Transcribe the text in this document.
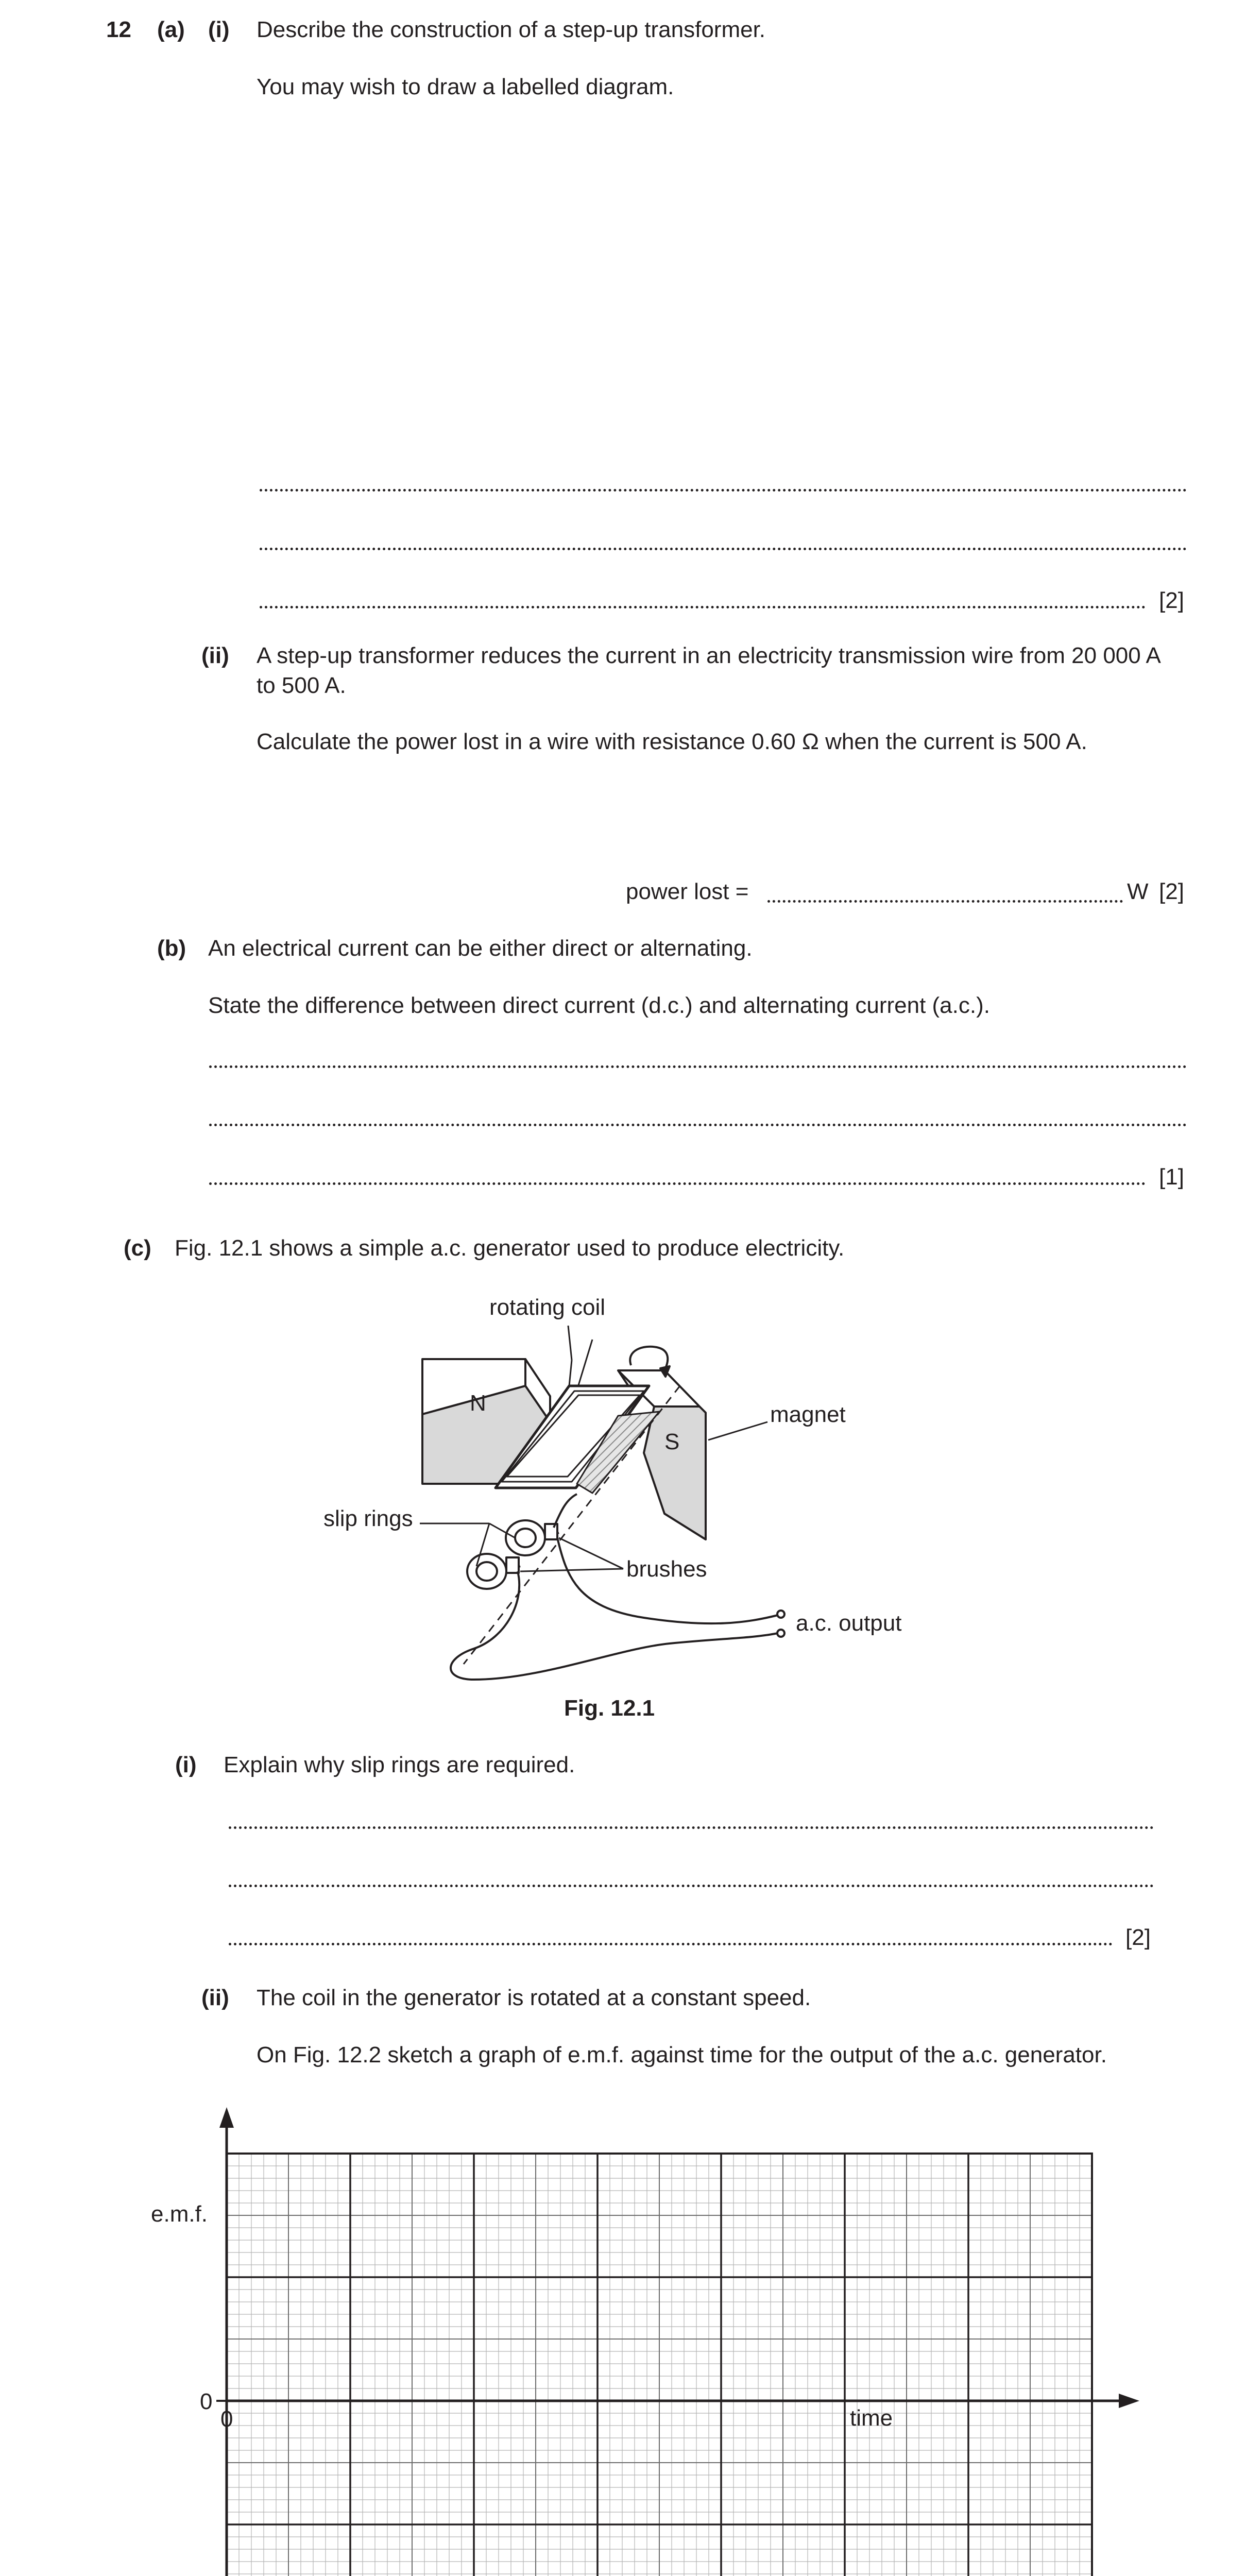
12 (a) (i) Describe the construction of a step-up transformer.
You may wish to draw a labelled diagram.
[2]
(ii) A step-up transformer reduces the current in an electricity transmission wire from 20 000 A
to 500 A.
Calculate the power lost in a wire with resistance 0.60 Ω when the current is 500 A.
power lost =	W [2]
(b) An electrical current can be either direct or alternating.
State the difference between direct current (d.c.) and alternating current (a.c.).
[1]
(c) Fig. 12.1 shows a simple a.c. generator used to produce electricity.
N
S
rotating coil
magnet
slip rings
brushes
a.c. output
Fig. 12.1
(i) Explain why slip rings are required.
[2]
(ii) The coil in the generator is rotated at a constant speed.
On Fig. 12.2 sketch a graph of e.m.f. against time for the output of the a.c. generator.
e.m.f.
0
0	time
